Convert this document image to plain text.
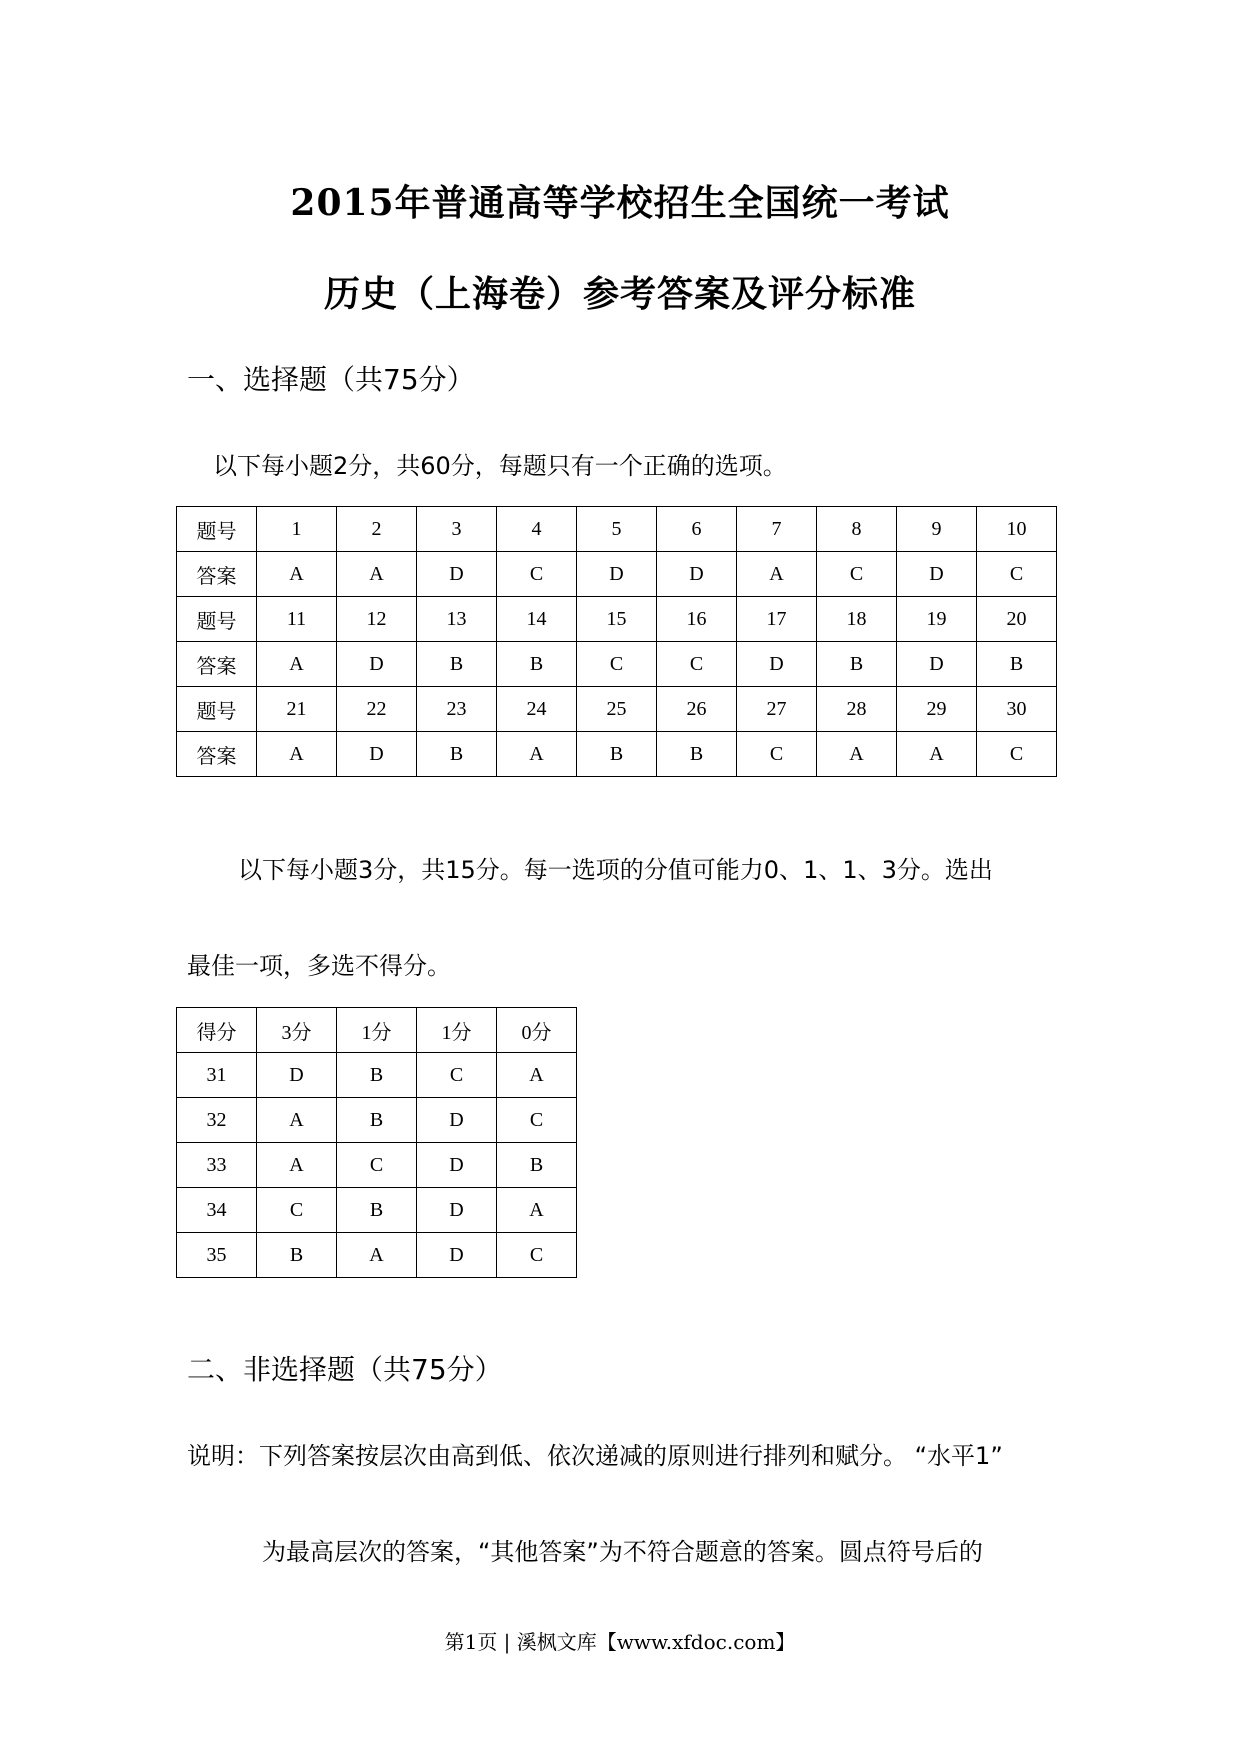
2015年普通高等学校招生全国统一考试
历史（上海卷）参考答案及评分标准
一、选择题（共75分）
以下每小题2分，共60分，每题只有一个正确的选项。
题号	1	2	3	4	5	6	7	8	9	10
答案	A	A	D	C	D	D	A	C	D	C
题号	11	12	13	14	15	16	17	18	19	20
答案	A	D	B	B	C	C	D	B	D	B
题号	21	22	23	24	25	26	27	28	29	30
答案	A	D	B	A	B	B	C	A	A	C
以下每小题3分，共15分。每一选项的分值可能力0、1、1、3分。选出
最佳一项，多选不得分。
得分	3分	1分	1分	0分
31	D	B	C	A
32	A	B	D	C
33	A	C	D	B
34	C	B	D	A
35	B	A	D	C
二、非选择题（共75分）
说明：下列答案按层次由高到低、依次递减的原则进行排列和赋分。 “水平1”
为最高层次的答案，“其他答案”为不符合题意的答案。圆点符号后的
第1页 | 溪枫文库【www.xfdoc.com】
